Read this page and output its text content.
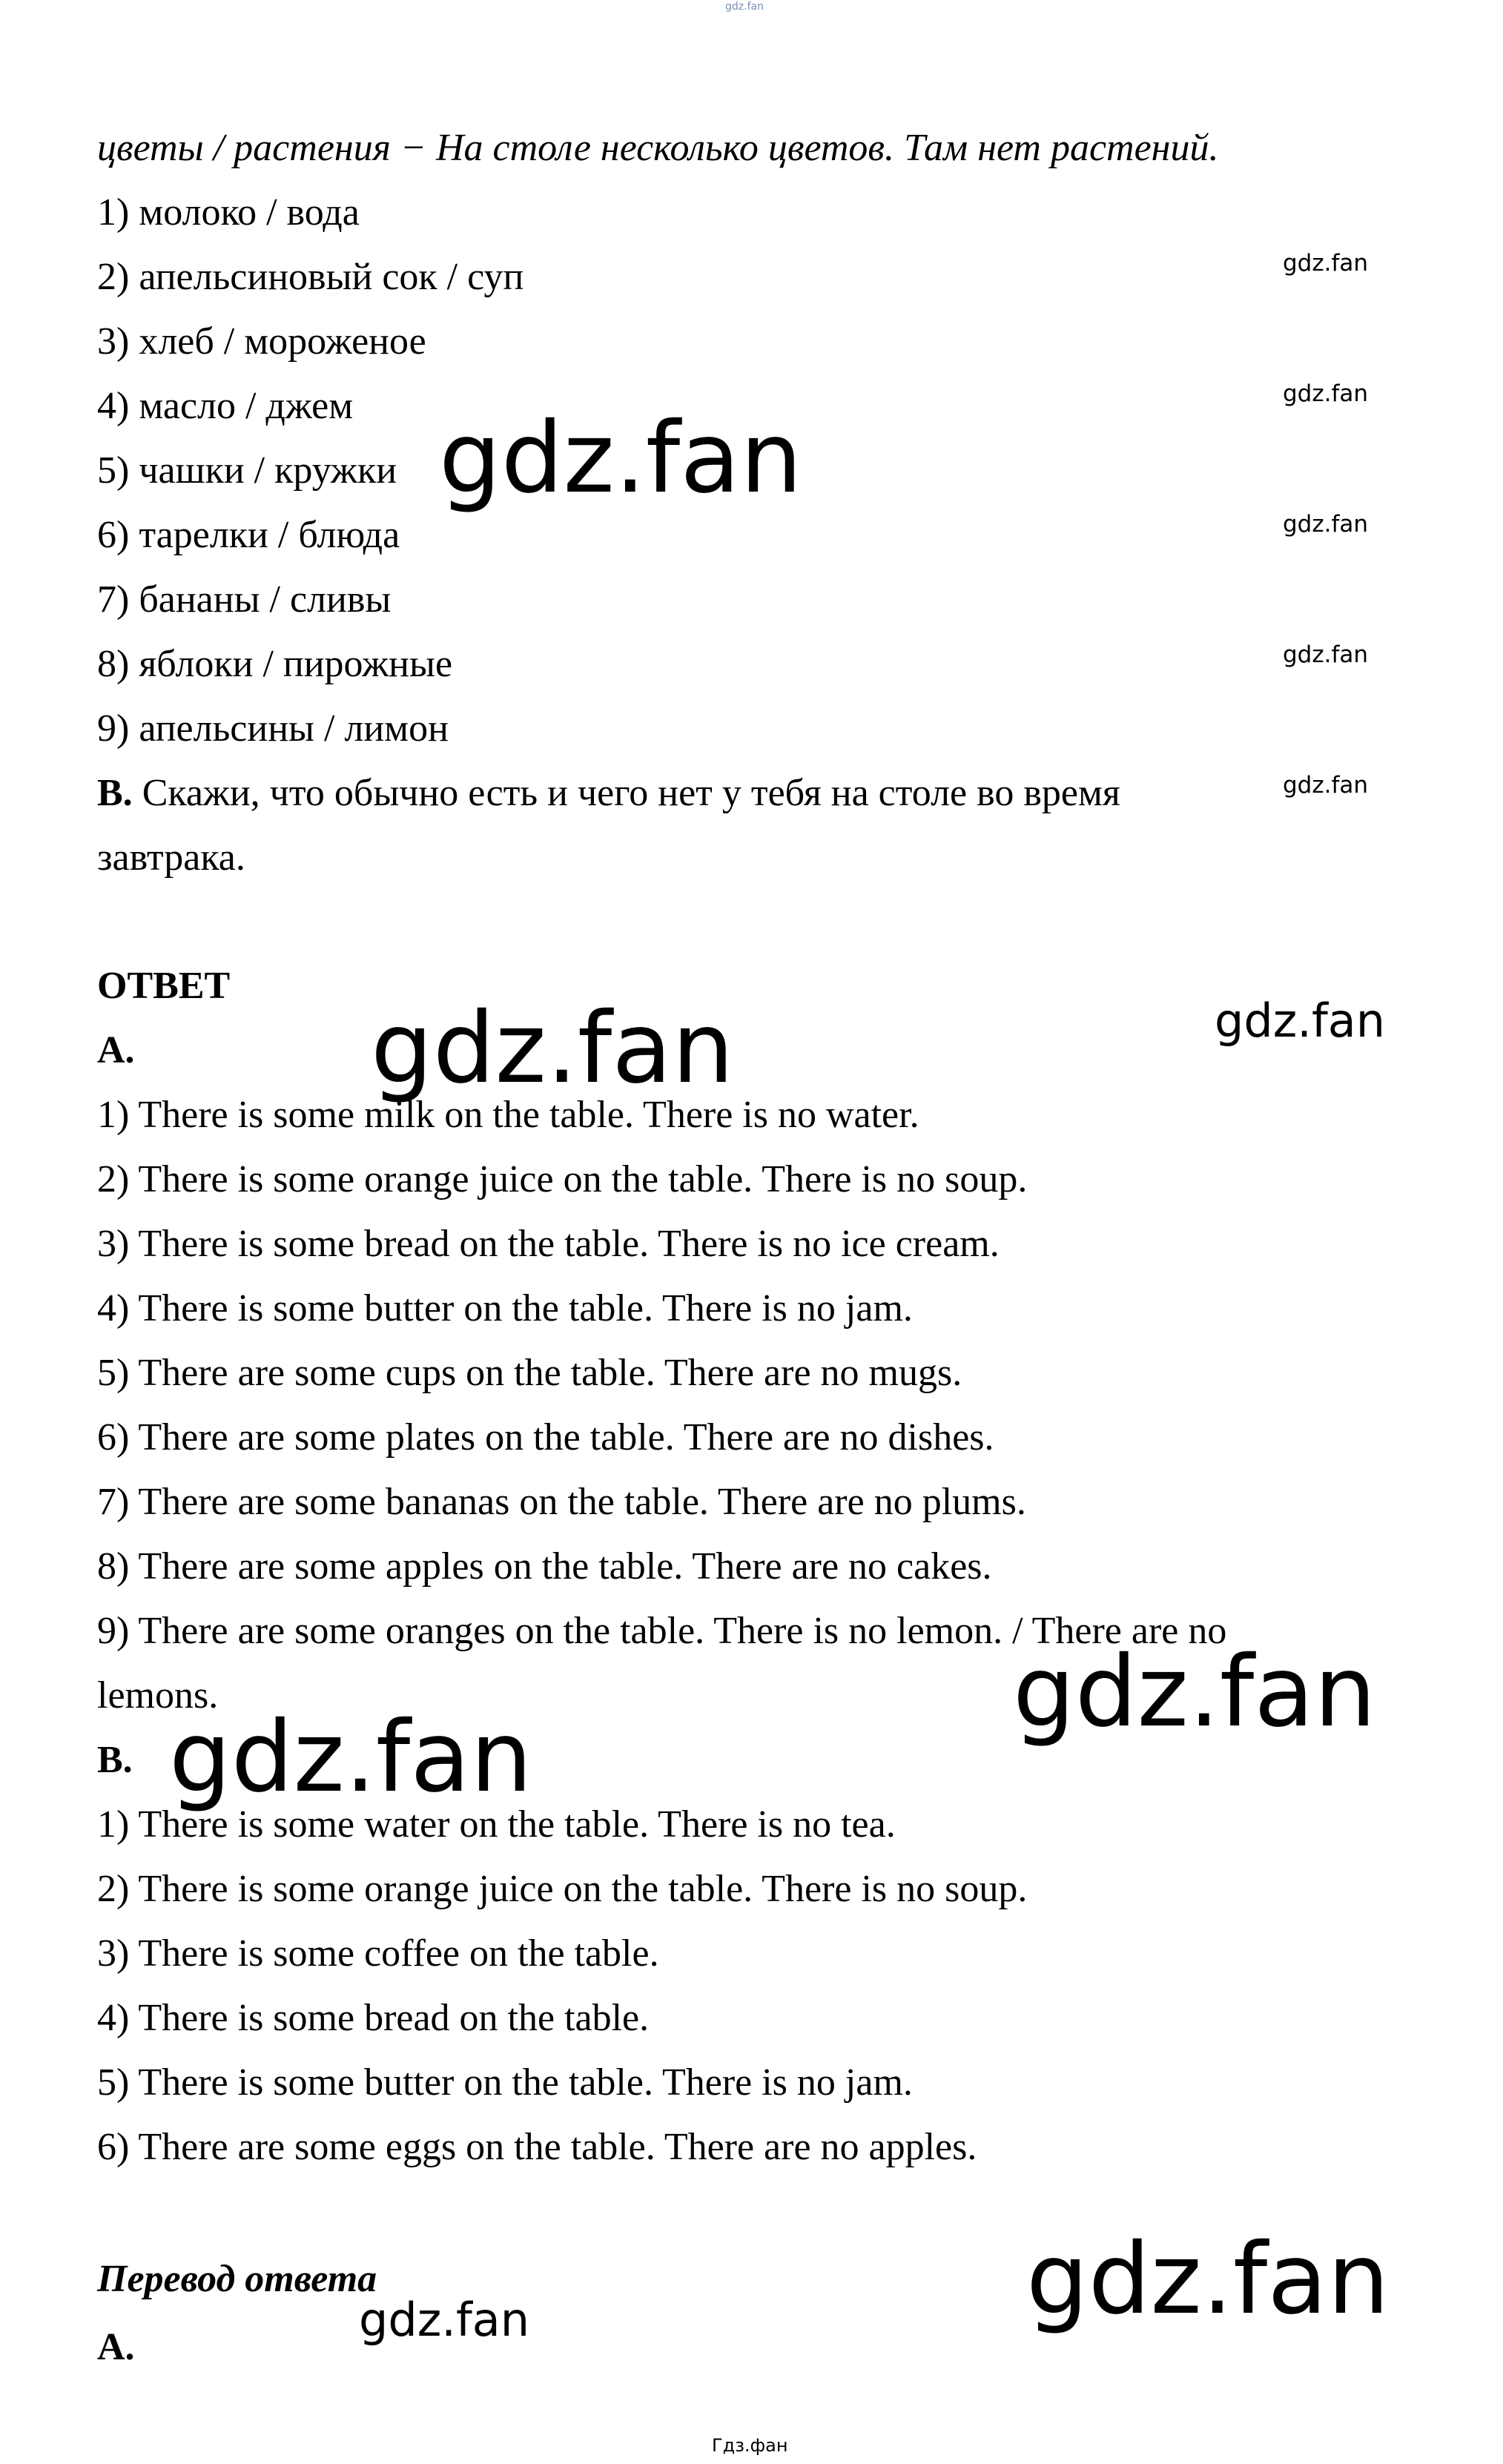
gdz.fan
цветы / растения − На столе несколько цветов. Там нет растений.
1) молоко / вода
2) апельсиновый сок / суп
3) хлеб / мороженое
4) масло / джем
5) чашки / кружки
6) тарелки / блюда
7) бананы / сливы
8) яблоки / пирожные
9) апельсины / лимон
B. Скажи, что обычно есть и чего нет у тебя на столе во время
завтрака.
ОТВЕТ
A.
1) There is some milk on the table. There is no water.
2) There is some orange juice on the table. There is no soup.
3) There is some bread on the table. There is no ice cream.
4) There is some butter on the table. There is no jam.
5) There are some cups on the table. There are no mugs.
6) There are some plates on the table. There are no dishes.
7) There are some bananas on the table. There are no plums.
8) There are some apples on the table. There are no cakes.
9) There are some oranges on the table. There is no lemon. / There are no
lemons.
B.
1) There is some water on the table. There is no tea.
2) There is some orange juice on the table. There is no soup.
3) There is some coffee on the table.
4) There is some bread on the table.
5) There is some butter on the table. There is no jam.
6) There are some eggs on the table. There are no apples.
Перевод ответа
A.
gdz.fan
gdz.fan
gdz.fan
gdz.fan
gdz.fan
gdz.fan
gdz.fan
gdz.fan
gdz.fan
gdz.fan
gdz.fan
gdz.fan
Гдз.фан
